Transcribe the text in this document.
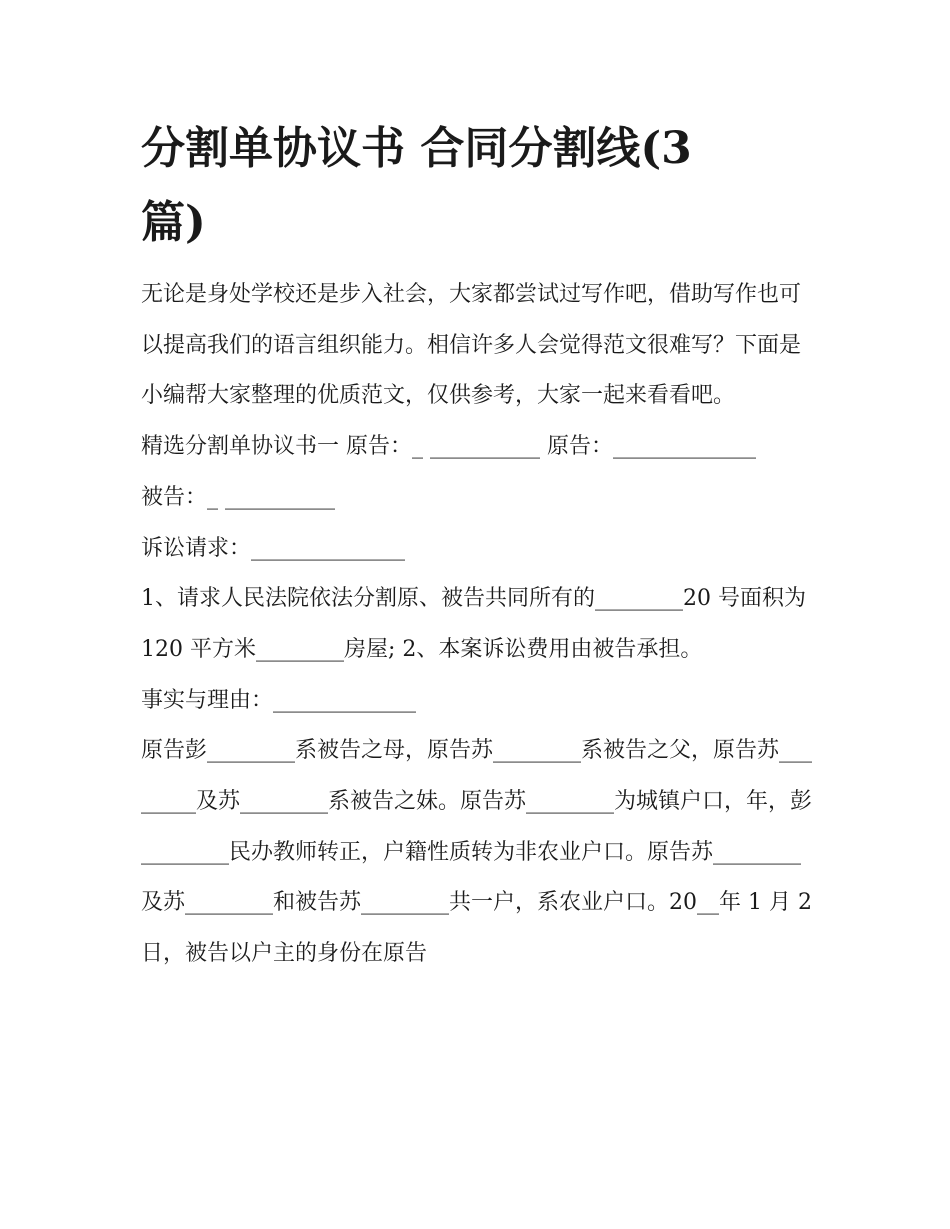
分割单协议书 合同分割线(3
篇)

无论是身处学校还是步入社会，大家都尝试过写作吧，借助写作也可以提高我们的语言组织能力。相信许多人会觉得范文很难写？下面是小编帮大家整理的优质范文，仅供参考，大家一起来看看吧。

精选分割单协议书一 原告：_ __________ 原告：_____________

被告：_ __________

诉讼请求：______________

1、请求人民法院依法分割原、被告共同所有的________20 号面积为 120 平方米________房屋; 2、本案诉讼费用由被告承担。

事实与理由：_____________

原告彭________系被告之母，原告苏________系被告之父，原告苏________及苏________系被告之妹。原告苏________为城镇户口，年，彭________民办教师转正，户籍性质转为非农业户口。原告苏________及苏________和被告苏________共一户，系农业户口。20__年 1 月 2 日，被告以户主的身份在原告
